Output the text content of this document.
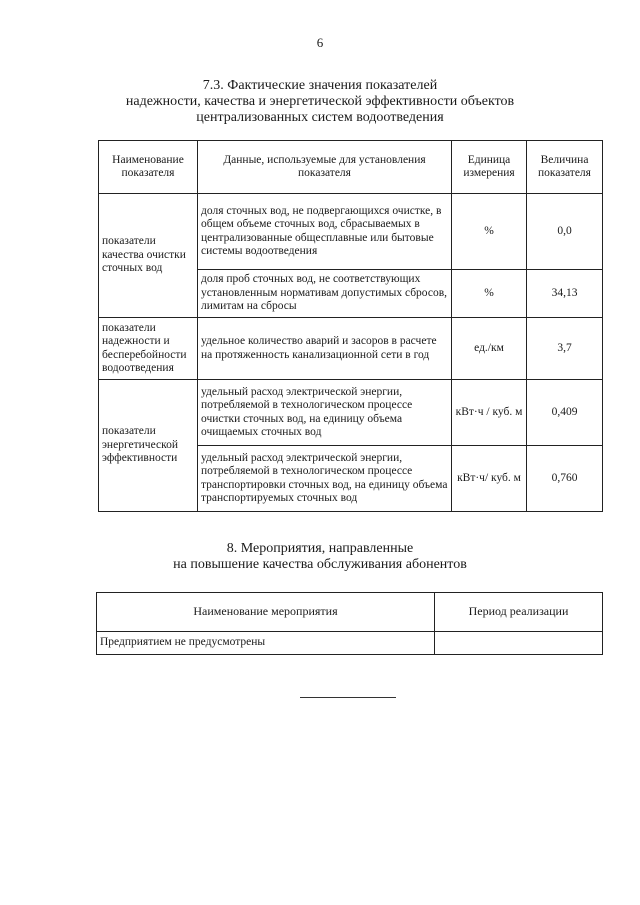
6
7.3. Фактические значения показателей
надежности, качества и энергетической эффективности объектов
централизованных систем водоотведения
Наименование показателя	Данные, используемые для установления показателя	Единица измерения	Величина показателя
показатели качества очистки сточных вод	доля сточных вод, не подвергающихся очистке, в общем объеме сточных вод, сбрасываемых в централизованные общесплавные или бытовые системы водоотведения	%	0,0
	доля проб сточных вод, не соответствующих установленным нормативам допустимых сбросов, лимитам на сбросы	%	34,13
показатели надежности и бесперебойности водоотведения	удельное количество аварий и засоров в расчете на протяженность канализационной сети в год	ед./км	3,7
показатели энергетической эффективности	удельный расход электрической энергии, потребляемой в технологическом процессе очистки сточных вод, на единицу объема очищаемых сточных вод	кВт·ч / куб. м	0,409
	удельный расход электрической энергии, потребляемой в технологическом процессе транспортировки сточных вод, на единицу объема транспортируемых сточных вод	кВт·ч/ куб. м	0,760
8. Мероприятия, направленные
на повышение качества обслуживания абонентов
Наименование мероприятия	Период реализации
Предприятием не предусмотрены	
